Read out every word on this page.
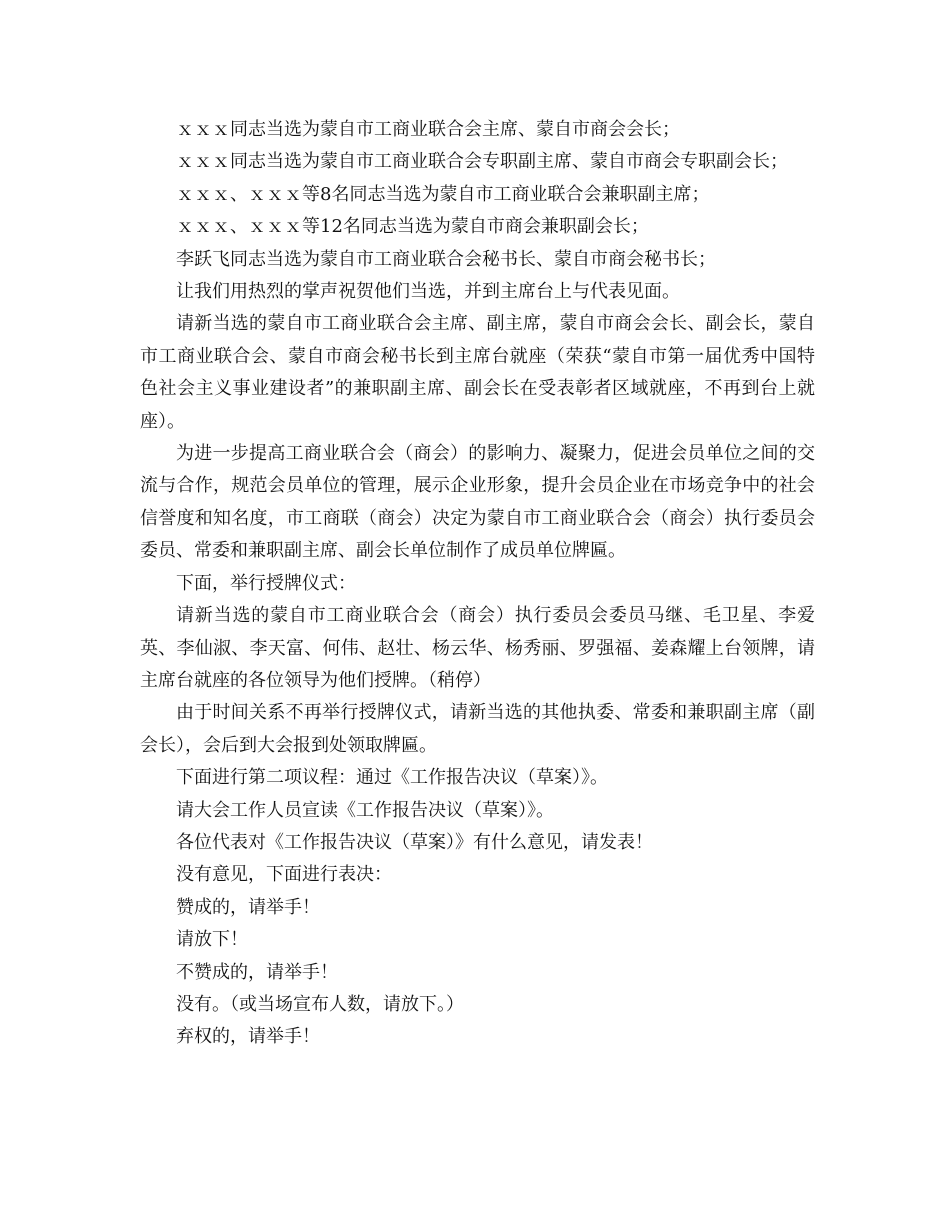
ｘｘｘ同志当选为蒙自市工商业联合会主席、蒙自市商会会长；

ｘｘｘ同志当选为蒙自市工商业联合会专职副主席、蒙自市商会专职副会长；

ｘｘｘ、ｘｘｘ等8名同志当选为蒙自市工商业联合会兼职副主席；

ｘｘｘ、ｘｘｘ等12名同志当选为蒙自市商会兼职副会长；

李跃飞同志当选为蒙自市工商业联合会秘书长、蒙自市商会秘书长；

让我们用热烈的掌声祝贺他们当选，并到主席台上与代表见面。

请新当选的蒙自市工商业联合会主席、副主席，蒙自市商会会长、副会长，蒙自市工商业联合会、蒙自市商会秘书长到主席台就座（荣获“蒙自市第一届优秀中国特色社会主义事业建设者”的兼职副主席、副会长在受表彰者区域就座，不再到台上就座）。

为进一步提高工商业联合会（商会）的影响力、凝聚力，促进会员单位之间的交流与合作，规范会员单位的管理，展示企业形象，提升会员企业在市场竞争中的社会信誉度和知名度，市工商联（商会）决定为蒙自市工商业联合会（商会）执行委员会委员、常委和兼职副主席、副会长单位制作了成员单位牌匾。

下面，举行授牌仪式：

请新当选的蒙自市工商业联合会（商会）执行委员会委员马继、毛卫星、李爱英、李仙淑、李天富、何伟、赵壮、杨云华、杨秀丽、罗强福、姜森耀上台领牌，请主席台就座的各位领导为他们授牌。（稍停）

由于时间关系不再举行授牌仪式，请新当选的其他执委、常委和兼职副主席（副会长），会后到大会报到处领取牌匾。

下面进行第二项议程：通过《工作报告决议（草案）》。

请大会工作人员宣读《工作报告决议（草案）》。

各位代表对《工作报告决议（草案）》有什么意见，请发表！

没有意见，下面进行表决：

赞成的，请举手！

请放下！

不赞成的，请举手！

没有。（或当场宣布人数，请放下。）

弃权的，请举手！
